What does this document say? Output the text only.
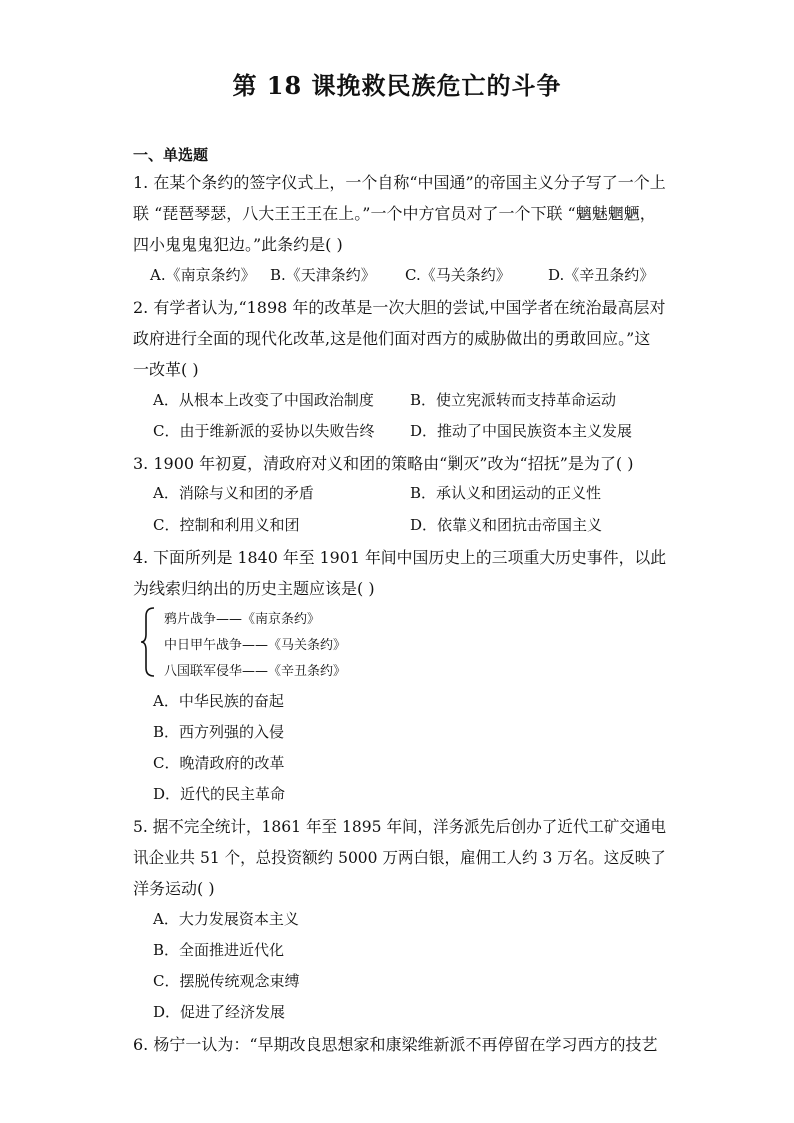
第 18 课挽救民族危亡的斗争
一、单选题
1. 在某个条约的签字仪式上，一个自称“中国通”的帝国主义分子写了一个上
联 “琵琶琴瑟，八大王王王在上。”一个中方官员对了一个下联 “魑魅魍魉，
四小鬼鬼鬼犯边。”此条约是( )
A.《南京条约》 B.《天津条约》 C.《马关条约》 D.《辛丑条约》
2. 有学者认为,“1898 年的改革是一次大胆的尝试,中国学者在统治最高层对
政府进行全面的现代化改革,这是他们面对西方的威胁做出的勇敢回应。”这
一改革( )
A．从根本上改变了中国政治制度 B．使立宪派转而支持革命运动
C．由于维新派的妥协以失败告终 D．推动了中国民族资本主义发展
3. 1900 年初夏，清政府对义和团的策略由“剿灭”改为“招抚”是为了( )
A．消除与义和团的矛盾	B．承认义和团运动的正义性
C．控制和利用义和团	D．依靠义和团抗击帝国主义
4. 下面所列是 1840 年至 1901 年间中国历史上的三项重大历史事件，以此
为线索归纳出的历史主题应该是( )
鸦片战争——《南京条约》
中日甲午战争——《马关条约》
八国联军侵华——《辛丑条约》
A．中华民族的奋起
B．西方列强的入侵
C．晚清政府的改革
D．近代的民主革命
5. 据不完全统计，1861 年至 1895 年间，洋务派先后创办了近代工矿交通电
讯企业共 51 个，总投资额约 5000 万两白银，雇佣工人约 3 万名。这反映了
洋务运动( )
A．大力发展资本主义
B．全面推进近代化
C．摆脱传统观念束缚
D．促进了经济发展
6. 杨宁一认为：“早期改良思想家和康梁维新派不再停留在学习西方的技艺
